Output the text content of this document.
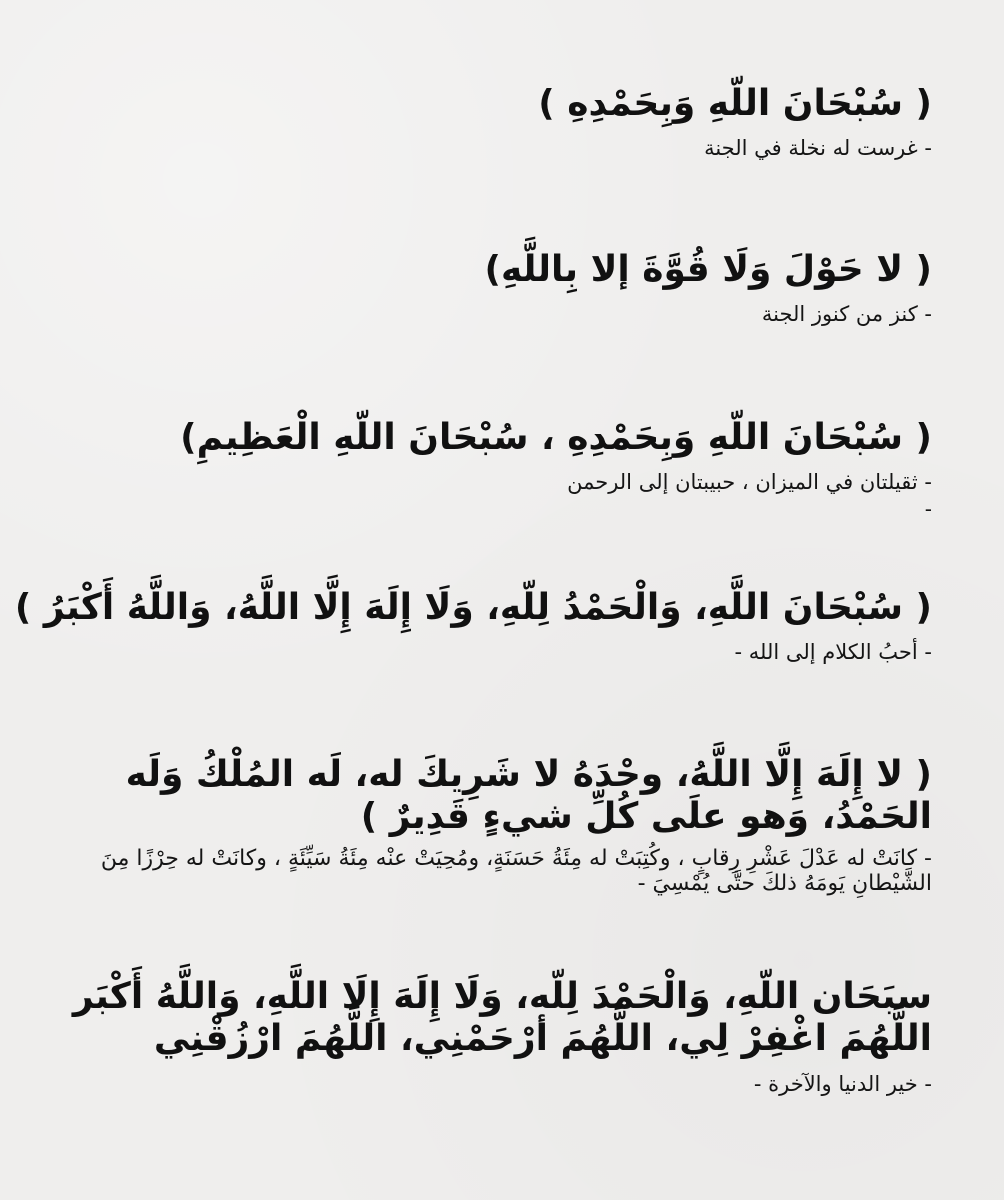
( سُبْحَانَ اللّهِ وَبِحَمْدِهِ )
- غرست له نخلة في الجنة
( لا حَوْلَ وَلَا قُوَّةَ إلا بِاللَّهِ)
- كنز من كنوز الجنة
( سُبْحَانَ اللّهِ وَبِحَمْدِهِ ، سُبْحَانَ اللّهِ الْعَظِيمِ)
- ثقيلتان في الميزان ، حبيبتان إلى الرحمن
-
( سُبْحَانَ اللَّهِ، وَالْحَمْدُ لِلّهِ، وَلَا إِلَهَ إِلَّا اللَّهُ، وَاللَّهُ أَكْبَرُ )
- أحبُ الكلام إلى الله -
( لا إِلَهَ إِلَّا اللَّهُ، وحْدَهُ لا شَرِيكَ له، لَه المُلْكُ وَلَه الحَمْدُ، وَهو علَى كُلِّ شيءٍ قَدِيرٌ )
- كانَتْ له عَدْلَ عَشْرِ رِقابٍ ، وكُتِبَتْ له مِئَةُ حَسَنَةٍ، ومُحِيَتْ عنْه مِئَةُ سَيِّئَةٍ ، وكانَتْ له حِرْزًا مِنَ الشَّيْطانِ يَومَهُ ذلكَ حتَّى يُمْسِيَ -
سبَحَان اللّهِ، وَالْحَمْدَ لِلّه، وَلَا إِلَهَ إِلَا اللَّهِ، وَاللَّهُ أَكْبَر اللَّهُمَ اغْفِرْ لِي، اللَّهُمَ أرْحَمْنِي، اللَّهُمَ ارْزُقْنِي
- خير الدنيا والآخرة -
